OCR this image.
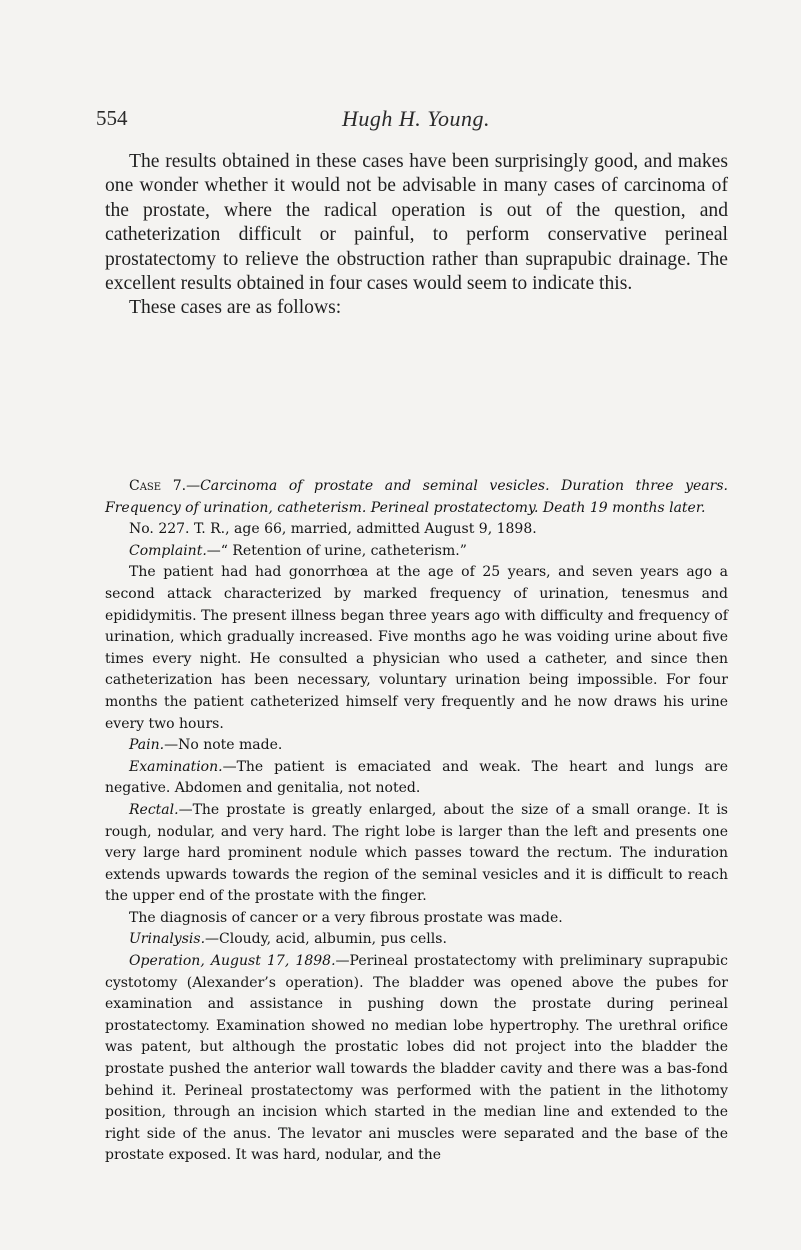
554	Hugh H. Young.

The results obtained in these cases have been surprisingly good, and makes one wonder whether it would not be advisable in many cases of carcinoma of the prostate, where the radical operation is out of the question, and catheterization difficult or painful, to perform conservative perineal prostatectomy to relieve the obstruction rather than suprapubic drainage. The excellent results obtained in four cases would seem to indicate this.

These cases are as follows:

Case 7.—Carcinoma of prostate and seminal vesicles. Duration three years. Frequency of urination, catheterism. Perineal prostatectomy. Death 19 months later.

No. 227. T. R., age 66, married, admitted August 9, 1898.

Complaint.—“ Retention of urine, catheterism.”

The patient had had gonorrhœa at the age of 25 years, and seven years ago a second attack characterized by marked frequency of urination, tenesmus and epididymitis. The present illness began three years ago with difficulty and frequency of urination, which gradually increased. Five months ago he was voiding urine about five times every night. He consulted a physician who used a catheter, and since then catheterization has been necessary, voluntary urination being impossible. For four months the patient catheterized himself very frequently and he now draws his urine every two hours.

Pain.—No note made.

Examination.—The patient is emaciated and weak. The heart and lungs are negative. Abdomen and genitalia, not noted.

Rectal.—The prostate is greatly enlarged, about the size of a small orange. It is rough, nodular, and very hard. The right lobe is larger than the left and presents one very large hard prominent nodule which passes toward the rectum. The induration extends upwards towards the region of the seminal vesicles and it is difficult to reach the upper end of the prostate with the finger.

The diagnosis of cancer or a very fibrous prostate was made.

Urinalysis.—Cloudy, acid, albumin, pus cells.

Operation, August 17, 1898.—Perineal prostatectomy with preliminary suprapubic cystotomy (Alexander’s operation). The bladder was opened above the pubes for examination and assistance in pushing down the prostate during perineal prostatectomy. Examination showed no median lobe hypertrophy. The urethral orifice was patent, but although the prostatic lobes did not project into the bladder the prostate pushed the anterior wall towards the bladder cavity and there was a bas-fond behind it. Perineal prostatectomy was performed with the patient in the lithotomy position, through an incision which started in the median line and extended to the right side of the anus. The levator ani muscles were separated and the base of the prostate exposed. It was hard, nodular, and the
